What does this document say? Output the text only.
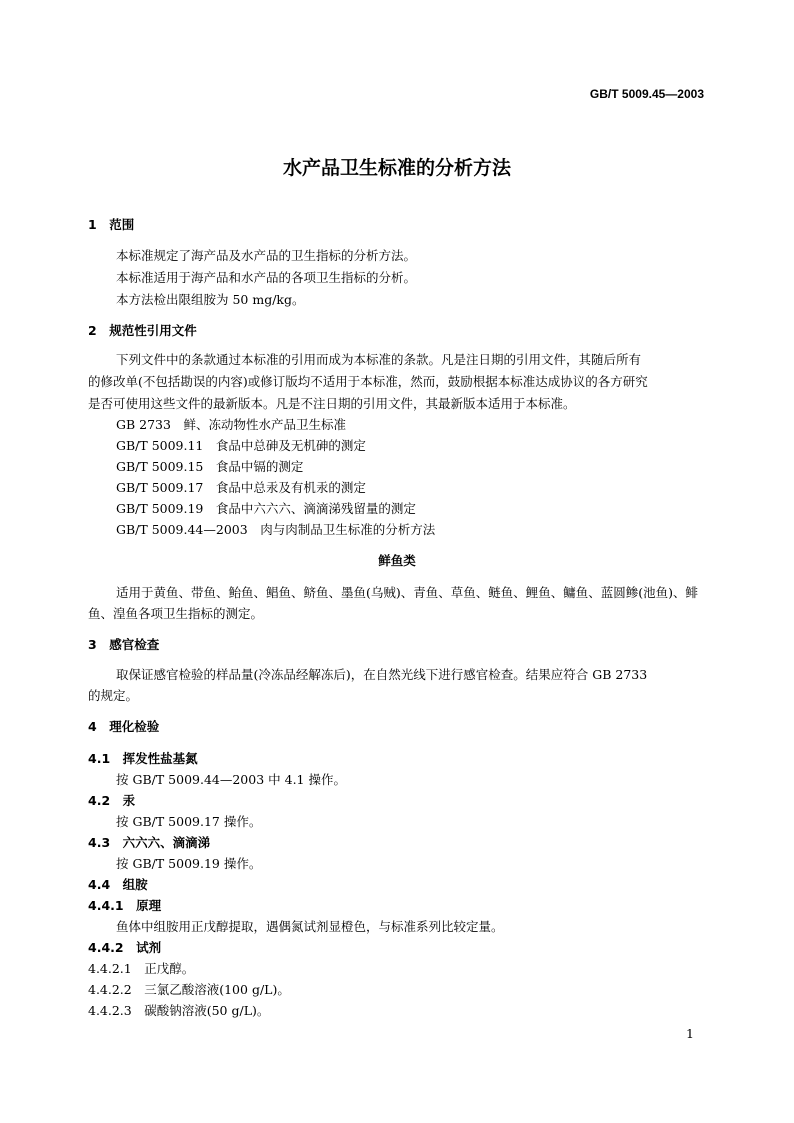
GB/T 5009.45—2003
水产品卫生标准的分析方法
1　范围
本标准规定了海产品及水产品的卫生指标的分析方法。
本标准适用于海产品和水产品的各项卫生指标的分析。
本方法检出限组胺为 50 mg/kg。
2　规范性引用文件
下列文件中的条款通过本标准的引用而成为本标准的条款。凡是注日期的引用文件，其随后所有
的修改单(不包括勘误的内容)或修订版均不适用于本标准，然而，鼓励根据本标准达成协议的各方研究
是否可使用这些文件的最新版本。凡是不注日期的引用文件，其最新版本适用于本标准。
GB 2733　鲜、冻动物性水产品卫生标准
GB/T 5009.11　食品中总砷及无机砷的测定
GB/T 5009.15　食品中镉的测定
GB/T 5009.17　食品中总汞及有机汞的测定
GB/T 5009.19　食品中六六六、滴滴涕残留量的测定
GB/T 5009.44—2003　肉与肉制品卫生标准的分析方法
鲜鱼类
适用于黄鱼、带鱼、鲐鱼、鲳鱼、鲚鱼、墨鱼(乌贼)、青鱼、草鱼、鲢鱼、鲤鱼、鳙鱼、蓝圆鲹(池鱼)、鲱
鱼、湟鱼各项卫生指标的测定。
3　感官检查
取保证感官检验的样品量(冷冻品经解冻后)，在自然光线下进行感官检查。结果应符合 GB 2733
的规定。
4　理化检验
4.1　挥发性盐基氮
按 GB/T 5009.44—2003 中 4.1 操作。
4.2　汞
按 GB/T 5009.17 操作。
4.3　六六六、滴滴涕
按 GB/T 5009.19 操作。
4.4　组胺
4.4.1　原理
鱼体中组胺用正戊醇提取，遇偶氮试剂显橙色，与标准系列比较定量。
4.4.2　试剂
4.4.2.1　正戊醇。
4.4.2.2　三氯乙酸溶液(100 g/L)。
4.4.2.3　碳酸钠溶液(50 g/L)。
1
